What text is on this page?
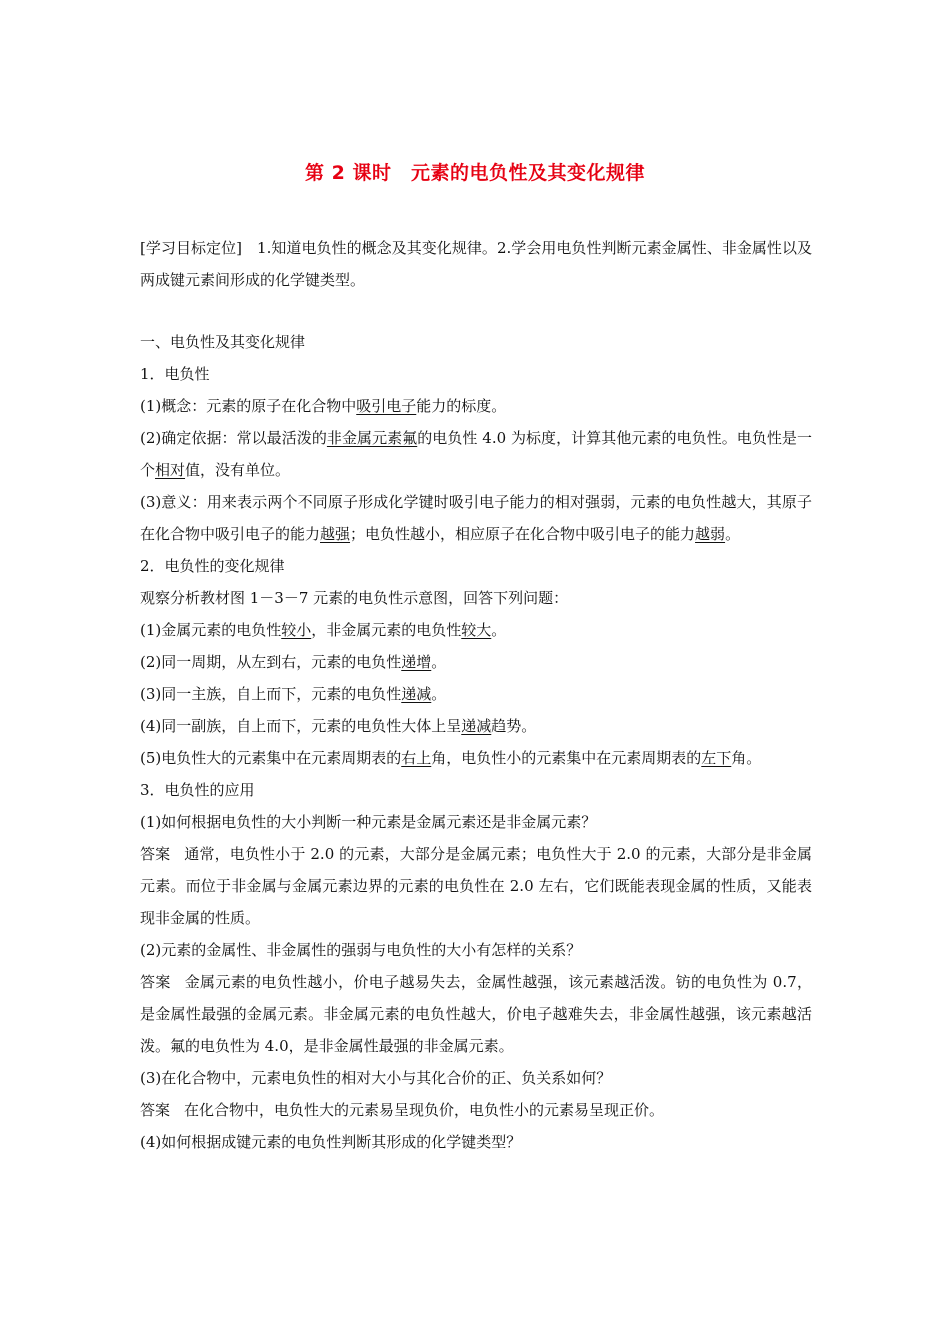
第 2 课时　元素的电负性及其变化规律

[学习目标定位]　1.知道电负性的概念及其变化规律。2.学会用电负性判断元素金属性、非金属性以及两成键元素间形成的化学键类型。

一、电负性及其变化规律

1．电负性

(1)概念：元素的原子在化合物中吸引电子能力的标度。

(2)确定依据：常以最活泼的非金属元素氟的电负性 4.0 为标度，计算其他元素的电负性。电负性是一个相对值，没有单位。

(3)意义：用来表示两个不同原子形成化学键时吸引电子能力的相对强弱，元素的电负性越大，其原子在化合物中吸引电子的能力越强；电负性越小，相应原子在化合物中吸引电子的能力越弱。

2．电负性的变化规律

观察分析教材图 1－3－7 元素的电负性示意图，回答下列问题：

(1)金属元素的电负性较小，非金属元素的电负性较大。

(2)同一周期，从左到右，元素的电负性递增。

(3)同一主族，自上而下，元素的电负性递减。

(4)同一副族，自上而下，元素的电负性大体上呈递减趋势。

(5)电负性大的元素集中在元素周期表的右上角，电负性小的元素集中在元素周期表的左下角。

3．电负性的应用

(1)如何根据电负性的大小判断一种元素是金属元素还是非金属元素？

答案 通常，电负性小于 2.0 的元素，大部分是金属元素；电负性大于 2.0 的元素，大部分是非金属元素。而位于非金属与金属元素边界的元素的电负性在 2.0 左右，它们既能表现金属的性质，又能表现非金属的性质。

(2)元素的金属性、非金属性的强弱与电负性的大小有怎样的关系？

答案 金属元素的电负性越小，价电子越易失去，金属性越强，该元素越活泼。钫的电负性为 0.7，是金属性最强的金属元素。非金属元素的电负性越大，价电子越难失去，非金属性越强，该元素越活泼。氟的电负性为 4.0，是非金属性最强的非金属元素。

(3)在化合物中，元素电负性的相对大小与其化合价的正、负关系如何？

答案 在化合物中，电负性大的元素易呈现负价，电负性小的元素易呈现正价。

(4)如何根据成键元素的电负性判断其形成的化学键类型？
